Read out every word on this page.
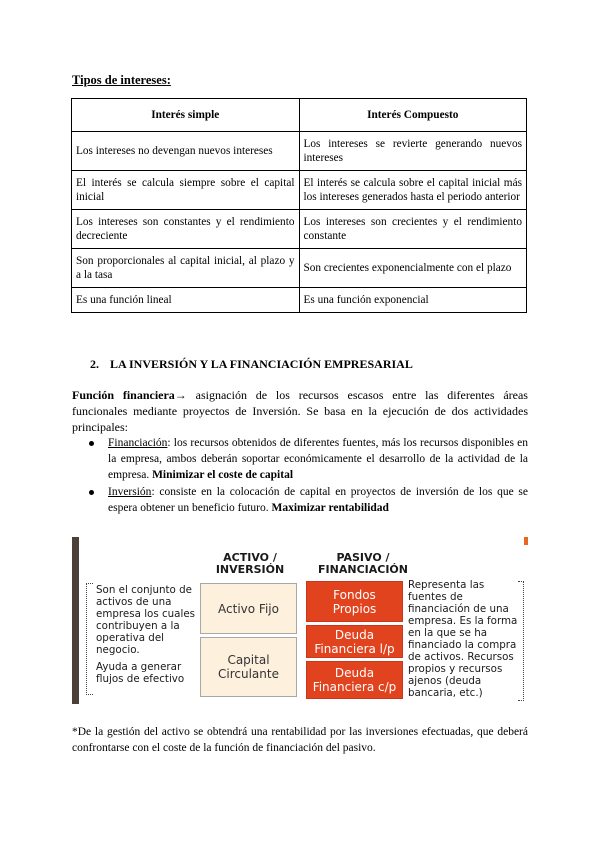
Tipos de intereses:
Interés simple	Interés Compuesto
Los intereses no devengan nuevos intereses	Los intereses se revierte generando nuevos intereses
El interés se calcula siempre sobre el capital inicial	El interés se calcula sobre el capital inicial más los intereses generados hasta el periodo anterior
Los intereses son constantes y el rendimiento decreciente	Los intereses son crecientes y el rendimiento constante
Son proporcionales al capital inicial, al plazo y a la tasa	Son crecientes exponencialmente con el plazo
Es una función lineal	Es una función exponencial
2. LA INVERSIÓN Y LA FINANCIACIÓN EMPRESARIAL
Función financiera→ asignación de los recursos escasos entre las diferentes áreas funcionales mediante proyectos de Inversión. Se basa en la ejecución de dos actividades principales:
Financiación: los recursos obtenidos de diferentes fuentes, más los recursos disponibles en la empresa, ambos deberán soportar económicamente el desarrollo de la actividad de la empresa. Minimizar el coste de capital
Inversión: consiste en la colocación de capital en proyectos de inversión de los que se espera obtener un beneficio futuro. Maximizar rentabilidad
ACTIVO /
INVERSIÓN
PASIVO /
FINANCIACIÓN
Son el conjunto de activos de una empresa los cuales contribuyen a la operativa del negocio.
Ayuda a generar flujos de efectivo
Activo Fijo
Capital
Circulante
Fondos
Propios
Deuda
Financiera l/p
Deuda
Financiera c/p
Representa las fuentes de financiación de una empresa. Es la forma en la que se ha financiado la compra de activos. Recursos propios y recursos ajenos (deuda bancaria, etc.)
*De la gestión del activo se obtendrá una rentabilidad por las inversiones efectuadas, que deberá confrontarse con el coste de la función de financiación del pasivo.
